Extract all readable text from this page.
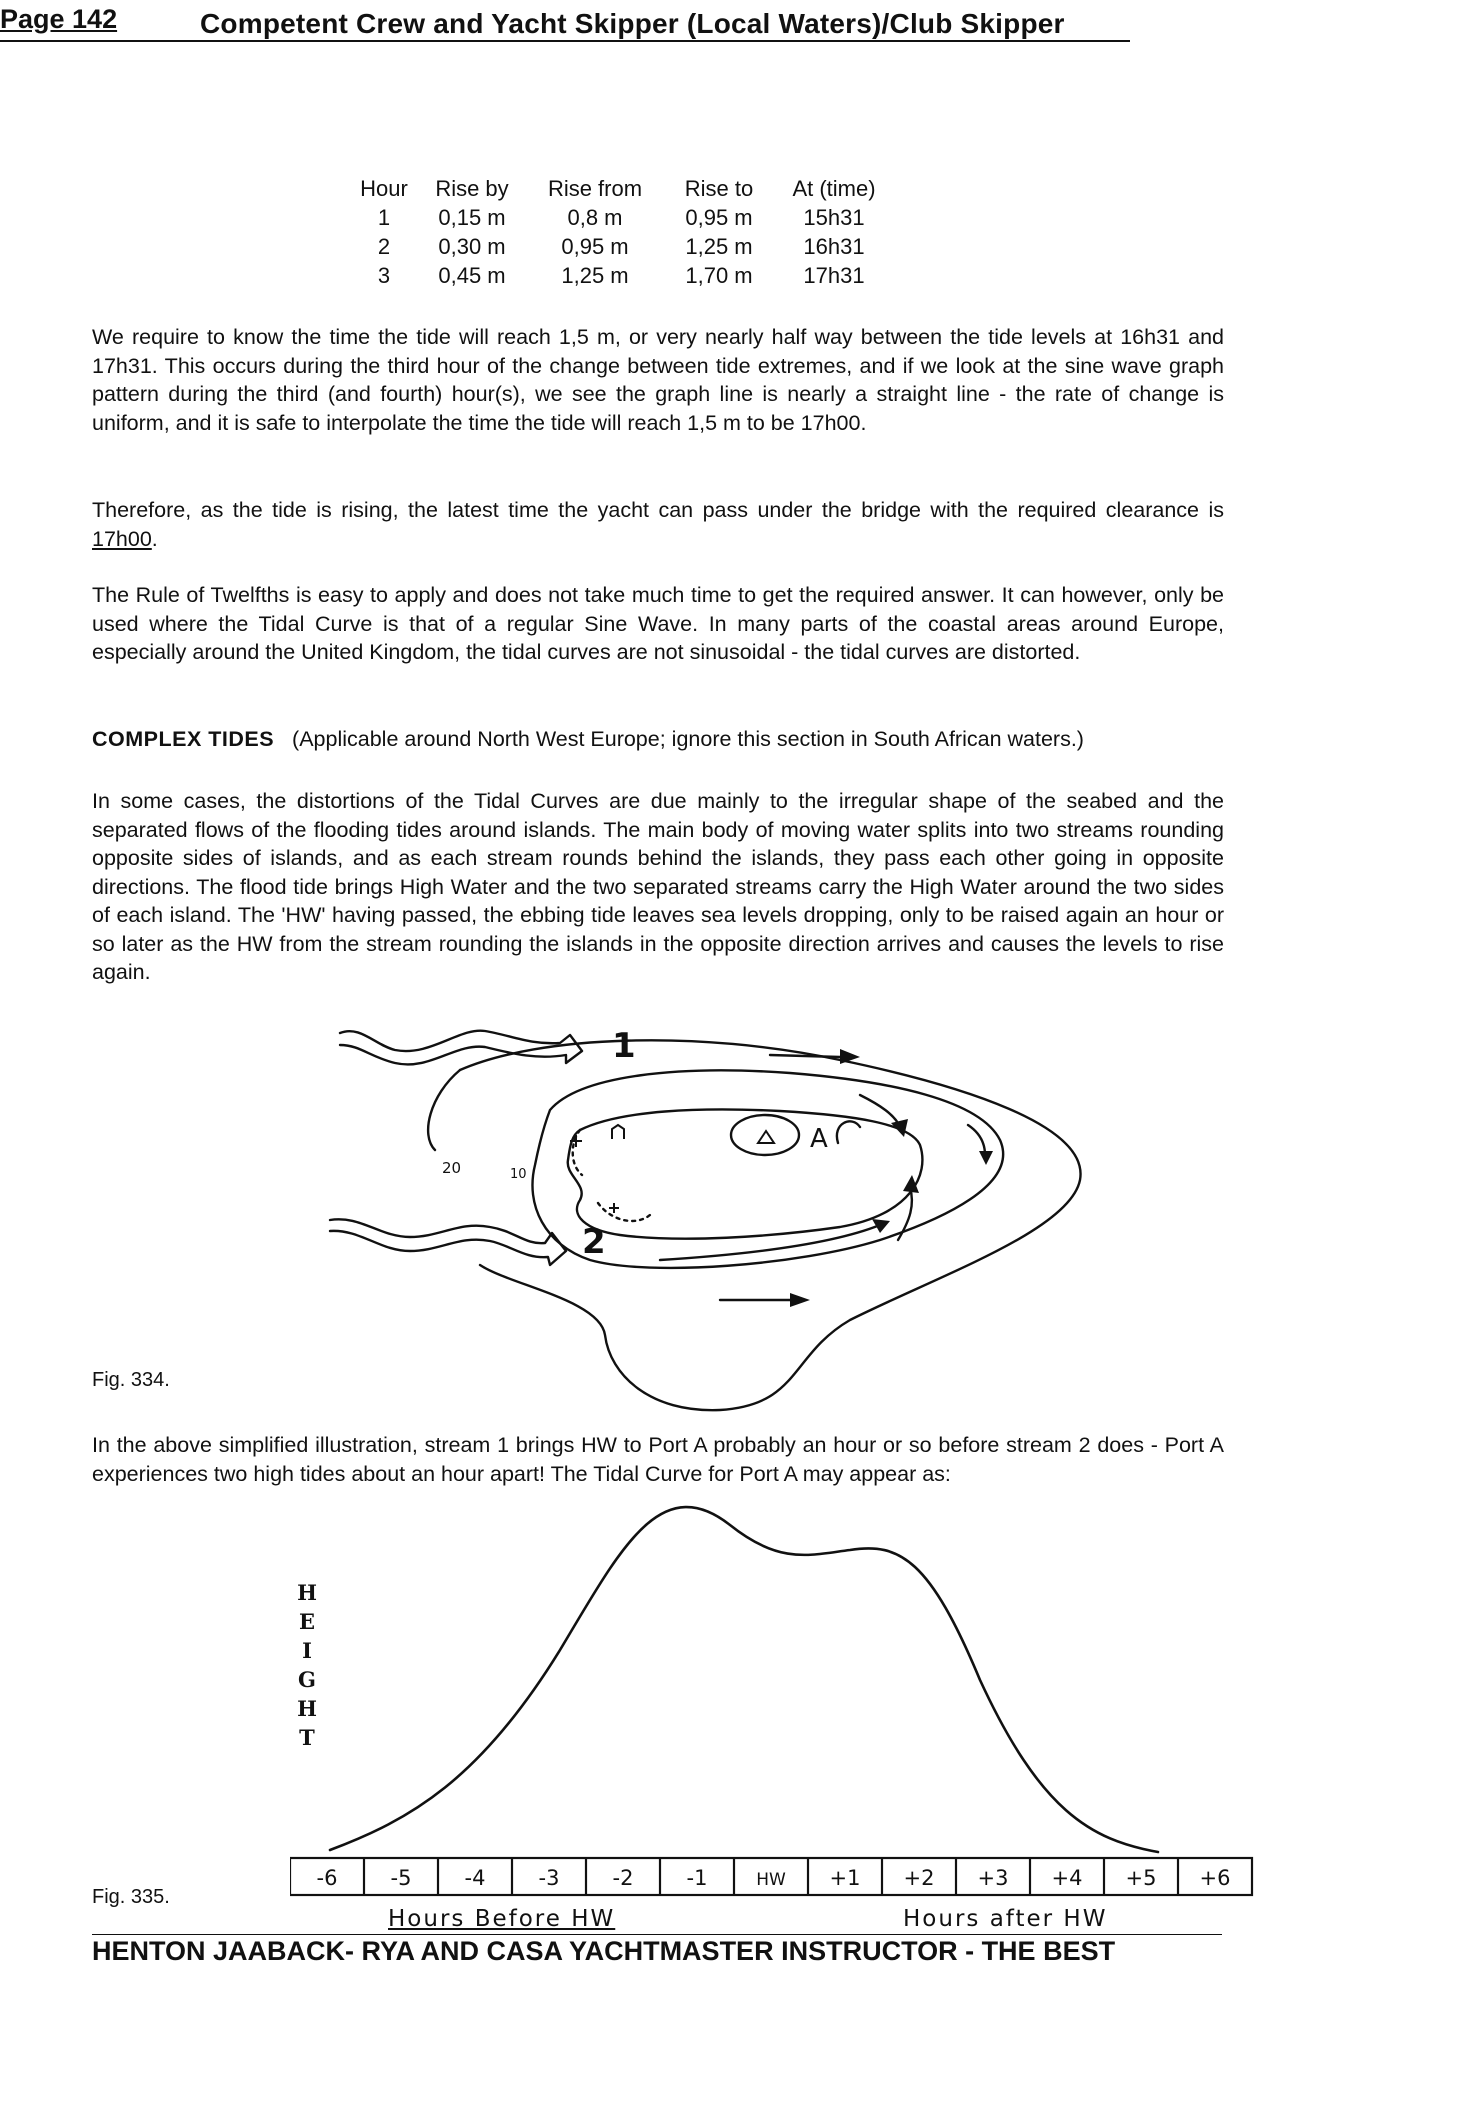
Page 142	Competent Crew and Yacht Skipper (Local Waters)/Club Skipper
Hour	Rise by	Rise from	Rise to	At (time)
1	0,15 m	0,8 m	0,95 m	15h31
2	0,30 m	0,95 m	1,25 m	16h31
3	0,45 m	1,25 m	1,70 m	17h31

We require to know the time the tide will reach 1,5 m, or very nearly half way between the tide levels at 16h31 and 17h31. This occurs during the third hour of the change between tide extremes, and if we look at the sine wave graph pattern during the third (and fourth) hour(s), we see the graph line is nearly a straight line - the rate of change is uniform, and it is safe to interpolate the time the tide will reach 1,5 m to be 17h00.

Therefore, as the tide is rising, the latest time the yacht can pass under the bridge with the required clearance is 17h00.

The Rule of Twelfths is easy to apply and does not take much time to get the required answer. It can however, only be used where the Tidal Curve is that of a regular Sine Wave. In many parts of the coastal areas around Europe, especially around the United Kingdom, the tidal curves are not sinusoidal - the tidal curves are distorted.

COMPLEX TIDES (Applicable around North West Europe; ignore this section in South African waters.)

In some cases, the distortions of the Tidal Curves are due mainly to the irregular shape of the seabed and the separated flows of the flooding tides around islands. The main body of moving water splits into two streams rounding opposite sides of islands, and as each stream rounds behind the islands, they pass each other going in opposite directions. The flood tide brings High Water and the two separated streams carry the High Water around the two sides of each island. The 'HW' having passed, the ebbing tide leaves sea levels dropping, only to be raised again an hour or so later as the HW from the stream rounding the islands in the opposite direction arrives and causes the levels to rise again.

1
2
20	10
A
Fig. 334.

In the above simplified illustration, stream 1 brings HW to Port A probably an hour or so before stream 2 does - Port A experiences two high tides about an hour apart! The Tidal Curve for Port A may appear as:

-6	-5	-4	-3	-2	-1	HW +1 +2 +3 +4 +5 +6
H
E
I
G
H
T
Fig. 335.
Hours Before HW	Hours after HW
HENTON JAABACK- RYA AND CASA YACHTMASTER INSTRUCTOR - THE BEST
